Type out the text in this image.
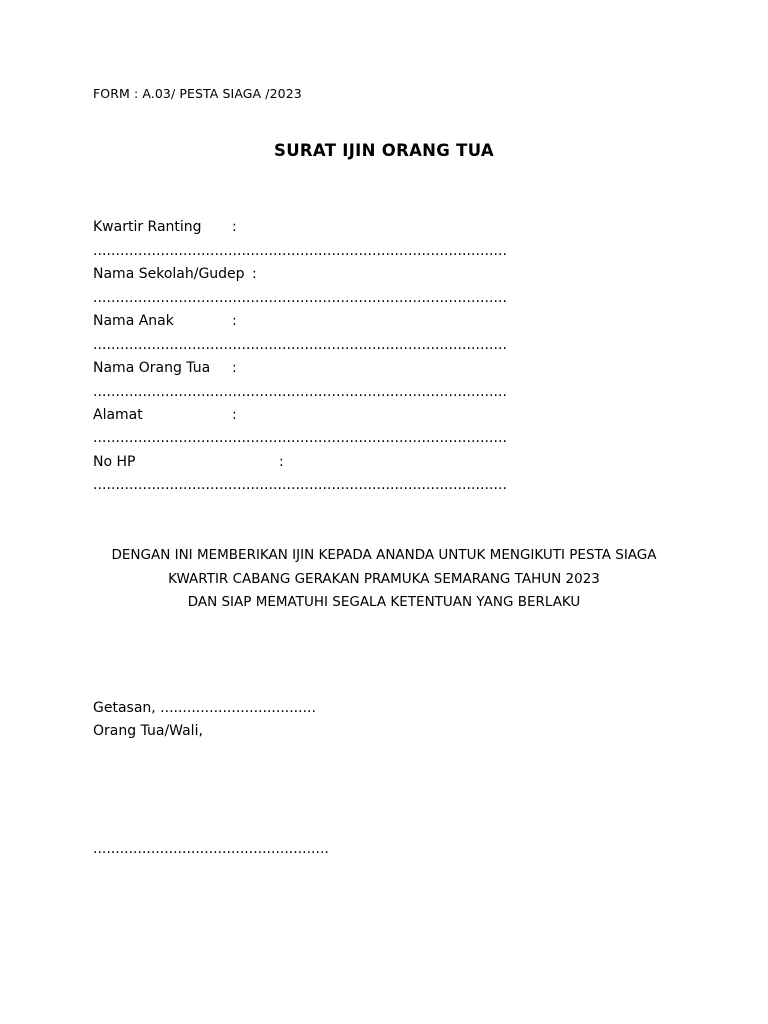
FORM : A.03/ PESTA SIAGA /2023
SURAT IJIN ORANG TUA
Kwartir Ranting :
............................................................................................
Nama Sekolah/Gudep :
............................................................................................
Nama Anak	:
............................................................................................
Nama Orang Tua :
............................................................................................
Alamat	:
............................................................................................
No HP	:
............................................................................................
DENGAN INI MEMBERIKAN IJIN KEPADA ANANDA UNTUK MENGIKUTI PESTA SIAGA
KWARTIR CABANG GERAKAN PRAMUKA SEMARANG TAHUN 2023
DAN SIAP MEMATUHI SEGALA KETENTUAN YANG BERLAKU
Getasan, ...................................
Orang Tua/Wali,
.....................................................
